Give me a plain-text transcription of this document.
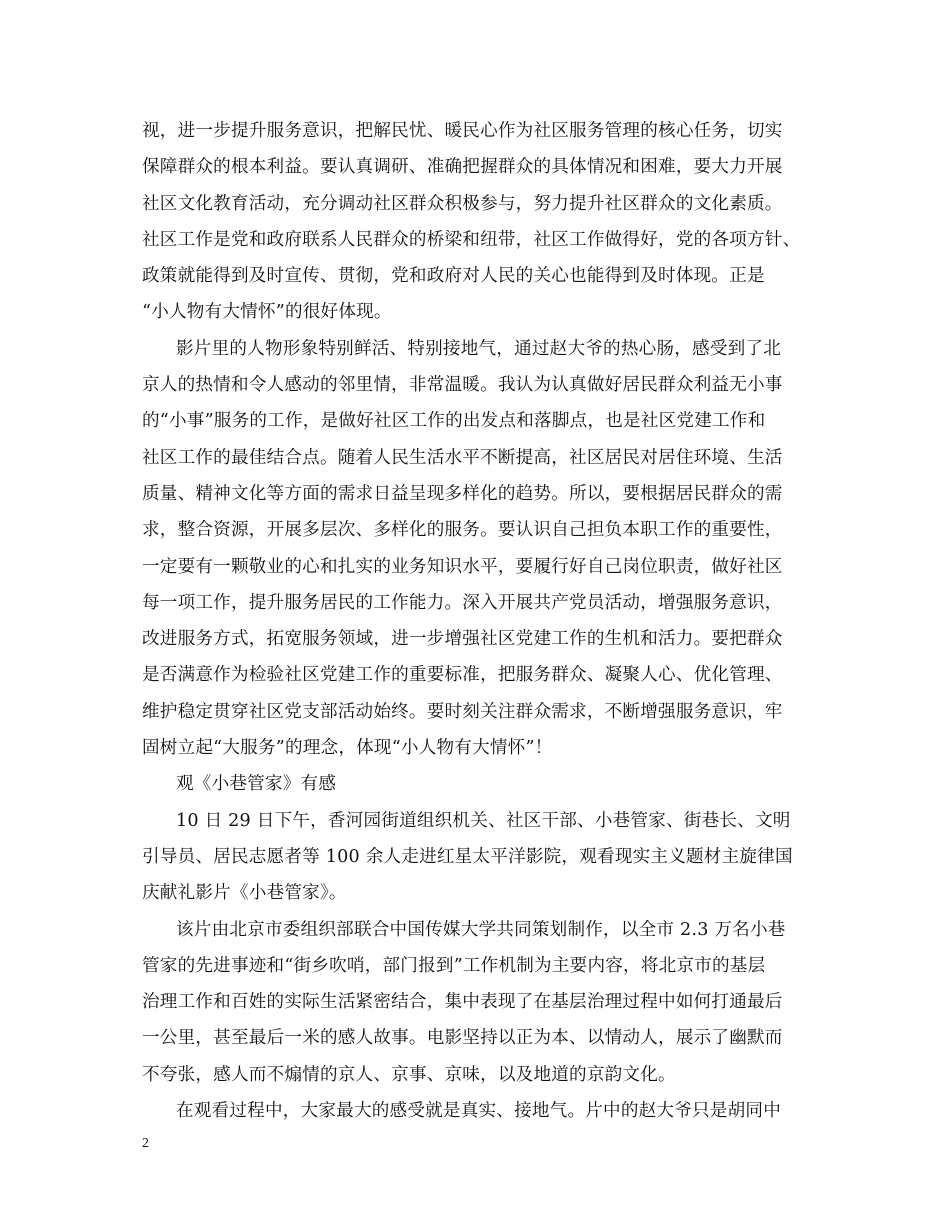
视，进一步提升服务意识，把解民忧、暖民心作为社区服务管理的核心任务，切实
保障群众的根本利益。要认真调研、准确把握群众的具体情况和困难，要大力开展
社区文化教育活动，充分调动社区群众积极参与，努力提升社区群众的文化素质。
社区工作是党和政府联系人民群众的桥梁和纽带，社区工作做得好，党的各项方针、
政策就能得到及时宣传、贯彻，党和政府对人民的关心也能得到及时体现。正是
“小人物有大情怀”的很好体现。
影片里的人物形象特别鲜活、特别接地气，通过赵大爷的热心肠，感受到了北
京人的热情和令人感动的邻里情，非常温暖。我认为认真做好居民群众利益无小事
的“小事”服务的工作，是做好社区工作的出发点和落脚点，也是社区党建工作和
社区工作的最佳结合点。随着人民生活水平不断提高，社区居民对居住环境、生活
质量、精神文化等方面的需求日益呈现多样化的趋势。所以，要根据居民群众的需
求，整合资源，开展多层次、多样化的服务。要认识自己担负本职工作的重要性，
一定要有一颗敬业的心和扎实的业务知识水平，要履行好自己岗位职责，做好社区
每一项工作，提升服务居民的工作能力。深入开展共产党员活动，增强服务意识，
改进服务方式，拓宽服务领域，进一步增强社区党建工作的生机和活力。要把群众
是否满意作为检验社区党建工作的重要标准，把服务群众、凝聚人心、优化管理、
维护稳定贯穿社区党支部活动始终。要时刻关注群众需求，不断增强服务意识，牢
固树立起“大服务”的理念，体现“小人物有大情怀”！
观《小巷管家》有感
10 日 29 日下午，香河园街道组织机关、社区干部、小巷管家、街巷长、文明
引导员、居民志愿者等 100 余人走进红星太平洋影院，观看现实主义题材主旋律国
庆献礼影片《小巷管家》。
该片由北京市委组织部联合中国传媒大学共同策划制作，以全市 2.3 万名小巷
管家的先进事迹和“街乡吹哨，部门报到”工作机制为主要内容，将北京市的基层
治理工作和百姓的实际生活紧密结合，集中表现了在基层治理过程中如何打通最后
一公里，甚至最后一米的感人故事。电影坚持以正为本、以情动人，展示了幽默而
不夸张，感人而不煽情的京人、京事、京味，以及地道的京韵文化。
在观看过程中，大家最大的感受就是真实、接地气。片中的赵大爷只是胡同中
2
